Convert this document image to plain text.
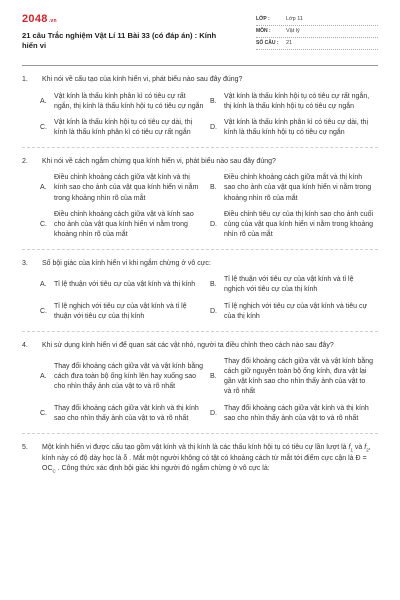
2048.vn
21 câu Trắc nghiệm Vật Lí 11 Bài 33 (có đáp án) : Kính hiển vi
LỚP :	Lớp 11
MÔN :	Vật lý
SỐ CÂU :	21
1.	Khi nói về cấu tạo của kính hiển vi, phát biểu nào sau đây đúng?
A.
Vật kính là thấu kính phân kì có tiêu cự rất ngắn, thị kính là thấu kính hội tụ có tiêu cự ngắn
B.
Vật kính là thấu kính hội tụ có tiêu cự rất ngắn, thị kính là thấu kính hội tụ có tiêu cự ngắn
C.
Vật kính là thấu kính hội tụ có tiêu cự dài, thị kính là thấu kính phân kì có tiêu cự rất ngắn
D.
Vật kính là thấu kính phân kì có tiêu cự dài, thị kính là thấu kính hội tụ có tiêu cự ngắn
2.	Khi nói về cách ngắm chừng qua kính hiển vi, phát biểu nào sau đây đúng?
A.
Điều chỉnh khoảng cách giữa vật kính và thị kính sao cho ảnh của vật qua kính hiển vi nằm trong khoảng nhìn rõ của mắt
B.
Điều chỉnh khoảng cách giữa mắt và thị kính sao cho ảnh của vật qua kính hiển vi nằm trong khoảng nhìn rõ của mắt
C.
Điều chỉnh khoảng cách giữa vật và kính sao cho ảnh của vật qua kính hiển vi nằm trong khoảng nhìn rõ của mắt
D.
Điều chỉnh tiêu cự của thị kính sao cho ảnh cuối cùng của vật qua kính hiển vi nằm trong khoảng nhìn rõ của mắt
3.	Số bội giác của kính hiển vi khi ngắm chừng ở vô cực:
A.	Tỉ lệ thuận với tiêu cự của vật kính và thị kính	B.
Tỉ lệ thuận với tiêu cự của vật kính và tỉ lệ nghịch với tiêu cự của thị kính
C.
Tỉ lệ nghịch với tiêu cự của vật kính và tỉ lệ thuận với tiêu cự của thị kính
D.
Tỉ lệ nghịch với tiêu cự của vật kính và tiêu cự của thị kính
4.	Khi sử dụng kính hiển vi để quan sát các vật nhỏ, người ta điều chỉnh theo cách nào sau đây?
A.
Thay đổi khoảng cách giữa vật và vật kính bằng cách đưa toàn bộ ống kính lên hay xuống sao cho nhìn thấy ảnh của vật to và rõ nhất
B.
Thay đổi khoảng cách giữa vật và vật kính bằng cách giữ nguyên toàn bộ ống kính, đưa vật lại gần vật kính sao cho nhìn thấy ảnh của vật to và rõ nhất
C.
Thay đổi khoảng cách giữa vật kính và thị kính sao cho nhìn thấy ảnh của vật to và rõ nhất
D.
Thay đổi khoảng cách giữa vật kính và thị kính sao cho nhìn thấy ảnh của vật to và rõ nhất
5.	Một kính hiển vi được cấu tạo gồm vật kính và thị kính là các thấu kính hội tụ có tiêu cự lần lượt là $f_1$ và $f_2$, kính này có độ dày học là δ . Mắt một người không có tật có khoảng cách từ mắt tới điểm cực cận là Đ = $OC_C$ . Công thức xác định bội giác khi người đó ngắm chừng ở vô cực là:
